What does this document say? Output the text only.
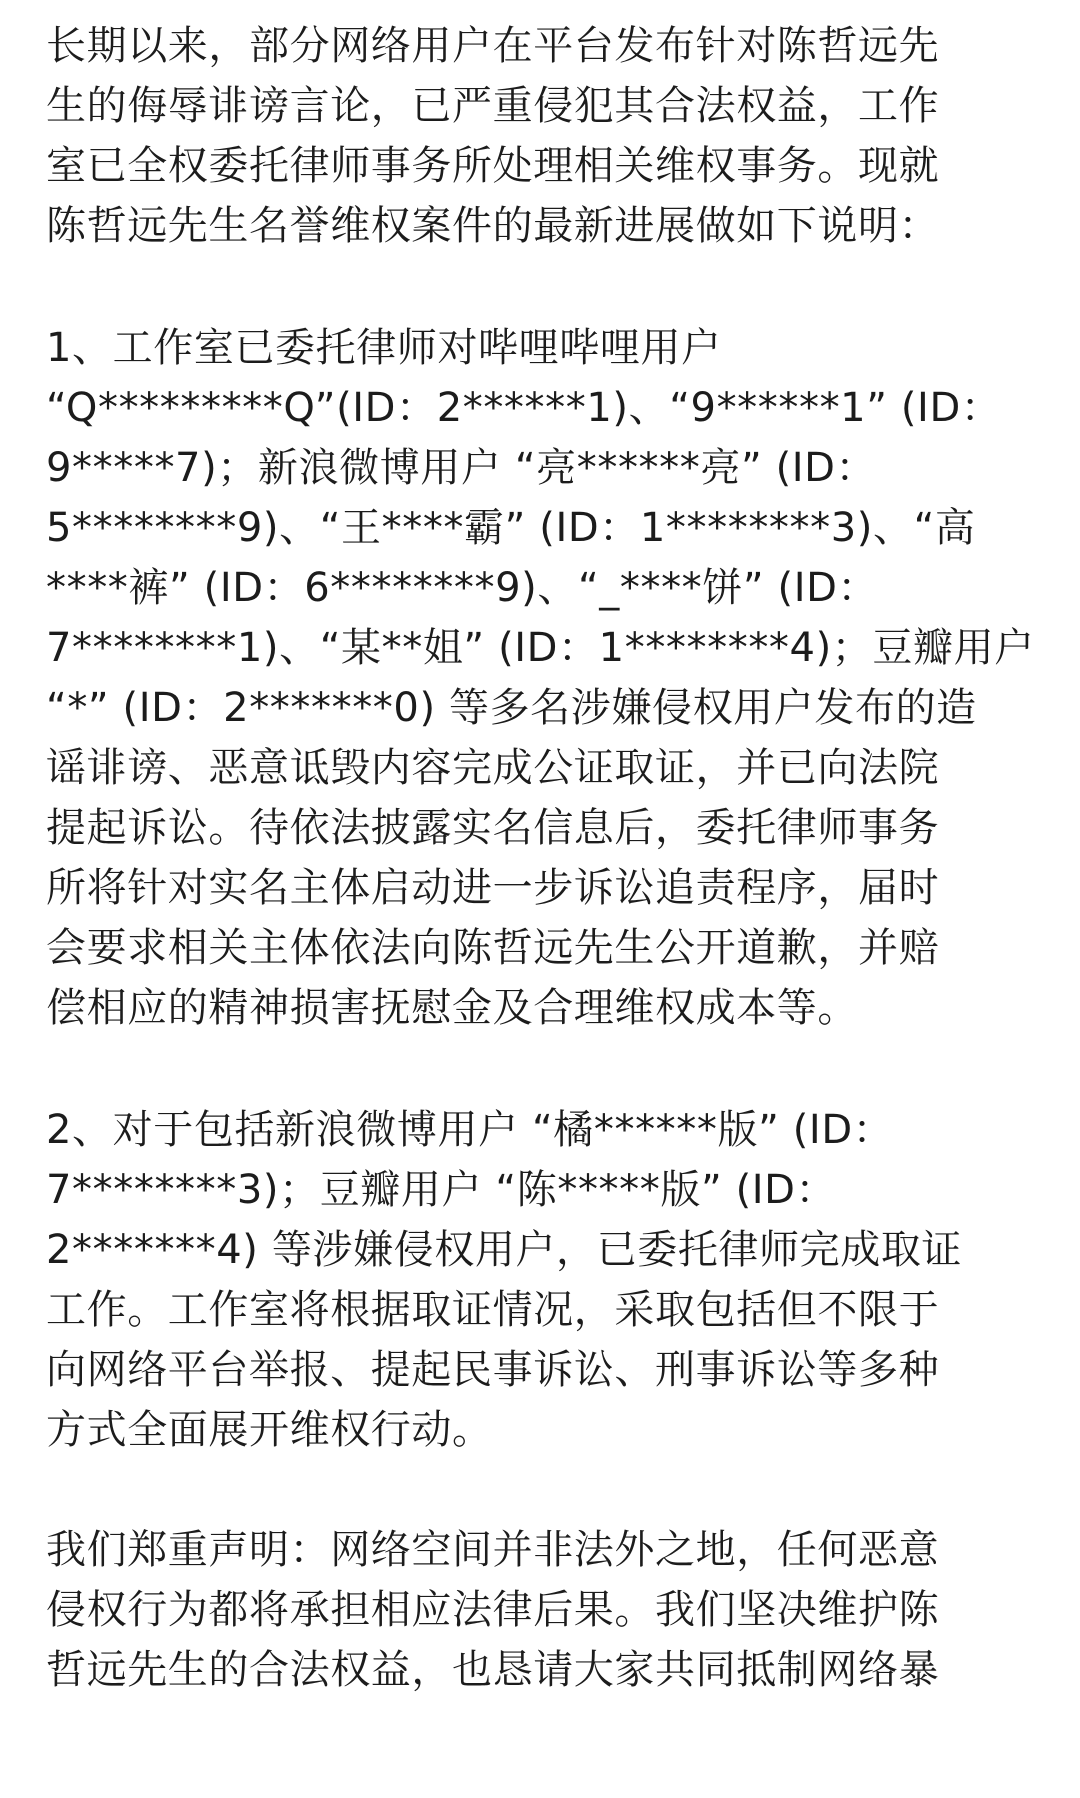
长期以来，部分网络用户在平台发布针对陈哲远先
生的侮辱诽谤言论，已严重侵犯其合法权益，工作
室已全权委托律师事务所处理相关维权事务。现就
陈哲远先生名誉维权案件的最新进展做如下说明：
1、工作室已委托律师对哔哩哔哩用户
“Q*********Q”(ID：2******1)、“9******1” (ID：
9*****7)；新浪微博用户 “亮******亮” (ID：
5********9)、“王****霸” (ID：1********3)、“高
****裤” (ID：6********9)、“_****饼” (ID：
7********1)、“某**姐” (ID：1********4)；豆瓣用户
“*” (ID：2*******0) 等多名涉嫌侵权用户发布的造
谣诽谤、恶意诋毁内容完成公证取证，并已向法院
提起诉讼。待依法披露实名信息后，委托律师事务
所将针对实名主体启动进一步诉讼追责程序，届时
会要求相关主体依法向陈哲远先生公开道歉，并赔
偿相应的精神损害抚慰金及合理维权成本等。
2、对于包括新浪微博用户 “橘******版” (ID：
7********3)；豆瓣用户 “陈*****版” (ID：
2*******4) 等涉嫌侵权用户，已委托律师完成取证
工作。工作室将根据取证情况，采取包括但不限于
向网络平台举报、提起民事诉讼、刑事诉讼等多种
方式全面展开维权行动。
我们郑重声明：网络空间并非法外之地，任何恶意
侵权行为都将承担相应法律后果。我们坚决维护陈
哲远先生的合法权益，也恳请大家共同抵制网络暴
